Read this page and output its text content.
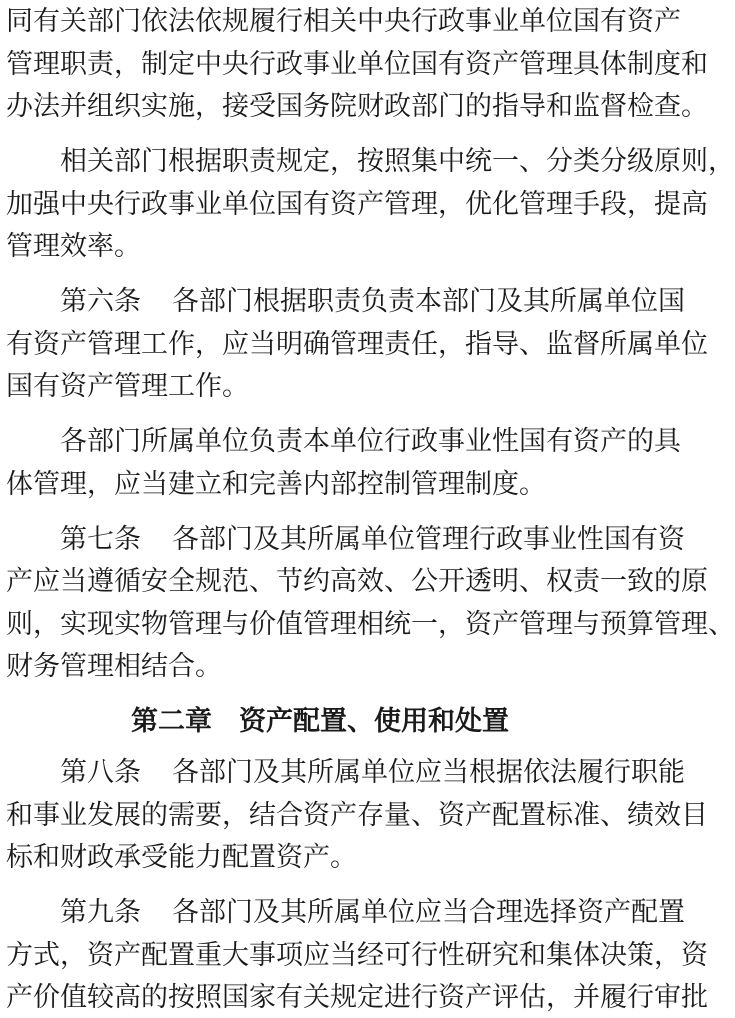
同有关部门依法依规履行相关中央行政事业单位国有资产
管理职责，制定中央行政事业单位国有资产管理具体制度和
办法并组织实施，接受国务院财政部门的指导和监督检查。
相关部门根据职责规定，按照集中统一、分类分级原则，
加强中央行政事业单位国有资产管理，优化管理手段，提高
管理效率。
第六条	各部门根据职责负责本部门及其所属单位国
有资产管理工作，应当明确管理责任，指导、监督所属单位
国有资产管理工作。
各部门所属单位负责本单位行政事业性国有资产的具
体管理，应当建立和完善内部控制管理制度。
第七条	各部门及其所属单位管理行政事业性国有资
产应当遵循安全规范、节约高效、公开透明、权责一致的原
则，实现实物管理与价值管理相统一，资产管理与预算管理、
财务管理相结合。
第二章　资产配置、使用和处置
第八条	各部门及其所属单位应当根据依法履行职能
和事业发展的需要，结合资产存量、资产配置标准、绩效目
标和财政承受能力配置资产。
第九条	各部门及其所属单位应当合理选择资产配置
方式，资产配置重大事项应当经可行性研究和集体决策，资
产价值较高的按照国家有关规定进行资产评估，并履行审批
